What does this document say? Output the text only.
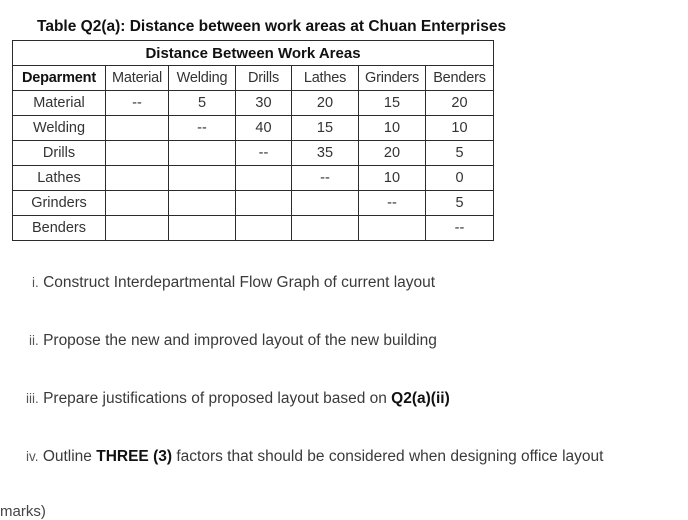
Table Q2(a): Distance between work areas at Chuan Enterprises
Distance Between Work Areas						
Deparment	Material	Welding	Drills	Lathes	Grinders	Benders
Material	--	5	30	20	15	20
Welding		--	40	15	10	10
Drills			--	35	20	5
Lathes				--	10	0
Grinders					--	5
Benders						--
i. Construct Interdepartmental Flow Graph of current layout
ii. Propose the new and improved layout of the new building
iii. Prepare justifications of proposed layout based on Q2(a)(ii)
iv. Outline THREE (3) factors that should be considered when designing office layout
marks)
